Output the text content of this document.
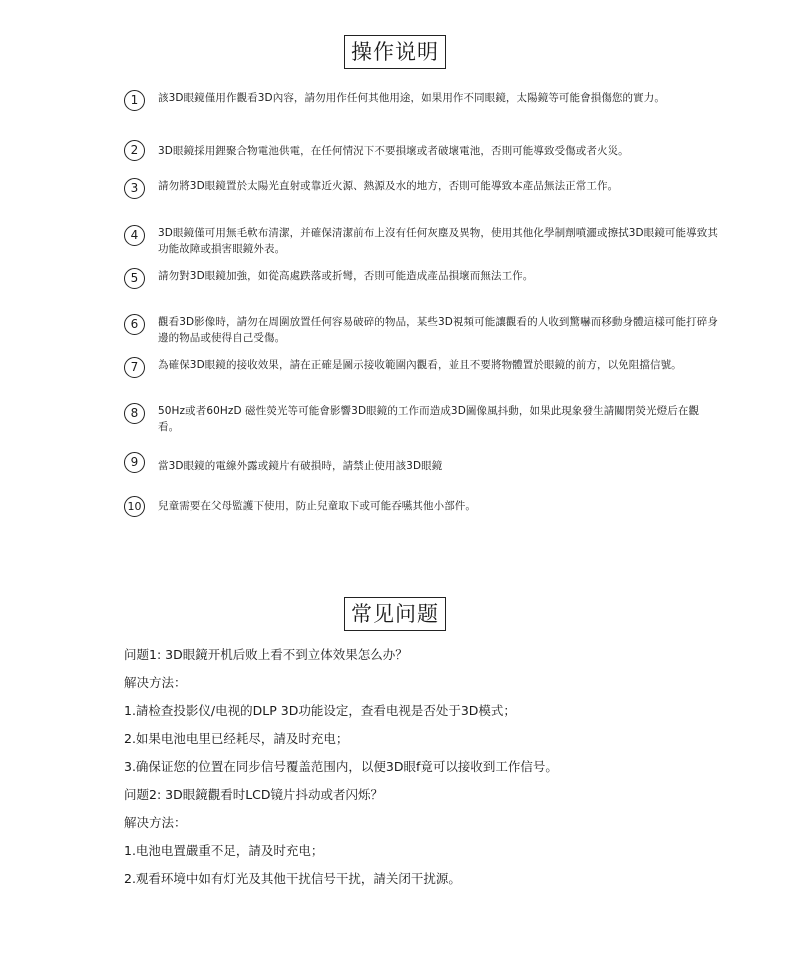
操作说明
1	該3D眼鏡僅用作觀看3D內容，請勿用作任何其他用途，如果用作不同眼鏡，太陽鏡等可能會損傷您的實力。
2	3D眼鏡採用鋰聚合物電池供電，在任何情況下不要損壞或者破壞電池，否則可能導致受傷或者火災。
3	請勿將3D眼鏡置於太陽光直射或靠近火源、熱源及水的地方，否則可能導致本產品無法正常工作。
4	3D眼鏡僅可用無毛軟布清潔，并確保清潔前布上沒有任何灰塵及異物，使用其他化學制劑噴灑或擦拭3D眼鏡可能導致其功能故障或損害眼鏡外表。
5	請勿對3D眼鏡加強，如從高處跌落或折彎，否則可能造成產品損壞而無法工作。
6	觀看3D影像時，請勿在周圍放置任何容易破碎的物品，某些3D視頻可能讓觀看的人收到驚嚇而移動身體這樣可能打碎身邊的物品或使得自己受傷。
7	為確保3D眼鏡的接收效果，請在正確是圖示接收範圍內觀看，並且不要將物體置於眼鏡的前方，以免阻擋信號。
8	50Hz或者60HzD 磁性熒光等可能會影響3D眼鏡的工作而造成3D圖像風抖動，如果此現象發生請關閉熒光燈后在觀看。
9	當3D眼鏡的電線外露或鏡片有破損時，請禁止使用該3D眼鏡
10	兒童需要在父母監護下使用，防止兒童取下或可能吞嚥其他小部件。
常见问题
问题1: 3D眼鏡开机后败上看不到立体效果怎么办？
解决方法：
1.請检查投影仪/电视的DLP 3D功能设定，查看电视是否处于3D模式；
2.如果电池电里已经耗尽，請及时充电；
3.确保证您的位置在同步信号覆盖范围内，以便3D眼f竟可以接收到工作信号。
问题2: 3D眼鏡觀看时LCD镜片抖动或者闪烁？
解决方法：
1.电池电置嚴重不足，請及时充电；
2.观看环境中如有灯光及其他干扰信号干扰，請关闭干扰源。
